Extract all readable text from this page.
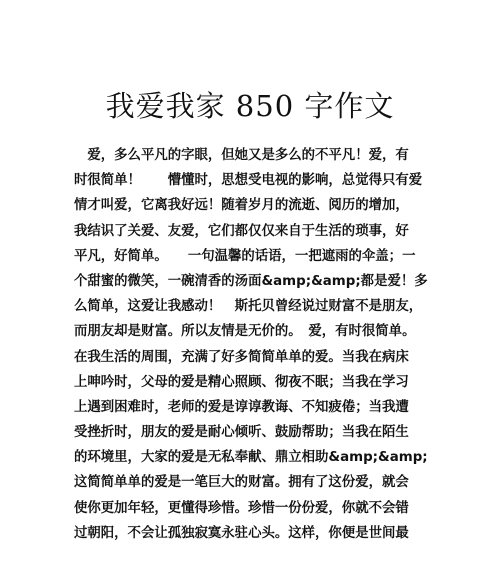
我爱我家 850 字作文
　爱，多么平凡的字眼，但她又是多么的不平凡！爱，有
时很简单！　　懵懂时，思想受电视的影响，总觉得只有爱
情才叫爱，它离我好远！随着岁月的流逝、阅历的增加，
我结识了关爱、友爱，它们都仅仅来自于生活的琐事，好
平凡，好简单。　　一句温馨的话语，一把遮雨的伞盖；一
个甜蜜的微笑，一碗清香的汤面&amp;&amp;都是爱！多
么简单，这爱让我感动！　斯托贝曾经说过财富不是朋友，
而朋友却是财富。所以友情是无价的。　爱，有时很简单。
在我生活的周围，充满了好多简简单单的爱。当我在病床
上呻吟时，父母的爱是精心照顾、彻夜不眠；当我在学习
上遇到困难时，老师的爱是谆谆教诲、不知疲倦；当我遭
受挫折时，朋友的爱是耐心倾听、鼓励帮助；当我在陌生
的环境里，大家的爱是无私奉献、鼎立相助&amp;&amp;
这简简单单的爱是一笔巨大的财富。拥有了这份爱，就会
使你更加年轻，更懂得珍惜。珍惜一份份爱，你就不会错
过朝阳，不会让孤独寂寞永驻心头。这样，你便是世间最
